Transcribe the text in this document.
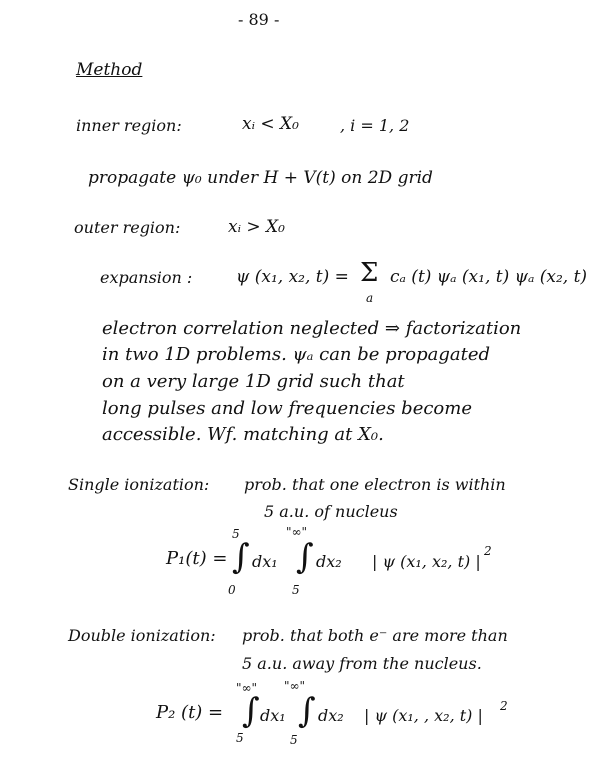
- 89 -
Method
inner region:	xᵢ < X₀	, i = 1, 2
propagate ψ₀ under H + V(t) on 2D grid
outer region:	xᵢ > X₀
expansion :	ψ (x₁, x₂, t) = Σ
a
cₐ (t) ψₐ (x₁, t) ψₐ (x₂, t)
electron correlation neglected ⇒ factorization
in two 1D problems. ψₐ can be propagated
on a very large 1D grid such that
long pulses and low frequencies become
accessible. Wf. matching at X₀.
Single ionization: prob. that one electron is within
5 a.u. of nucleus
P₁(t) =
5
∫
0
dx₁
"∞"
∫
5
dx₂ | ψ (x₁, x₂, t) |
2
Double ionization: prob. that both e⁻ are more than
5 a.u. away from the nucleus.
P₂ (t) =
"∞"
∫
5
dx₁
"∞"
∫
5
dx₂ | ψ (x₁, , x₂, t) | 2
